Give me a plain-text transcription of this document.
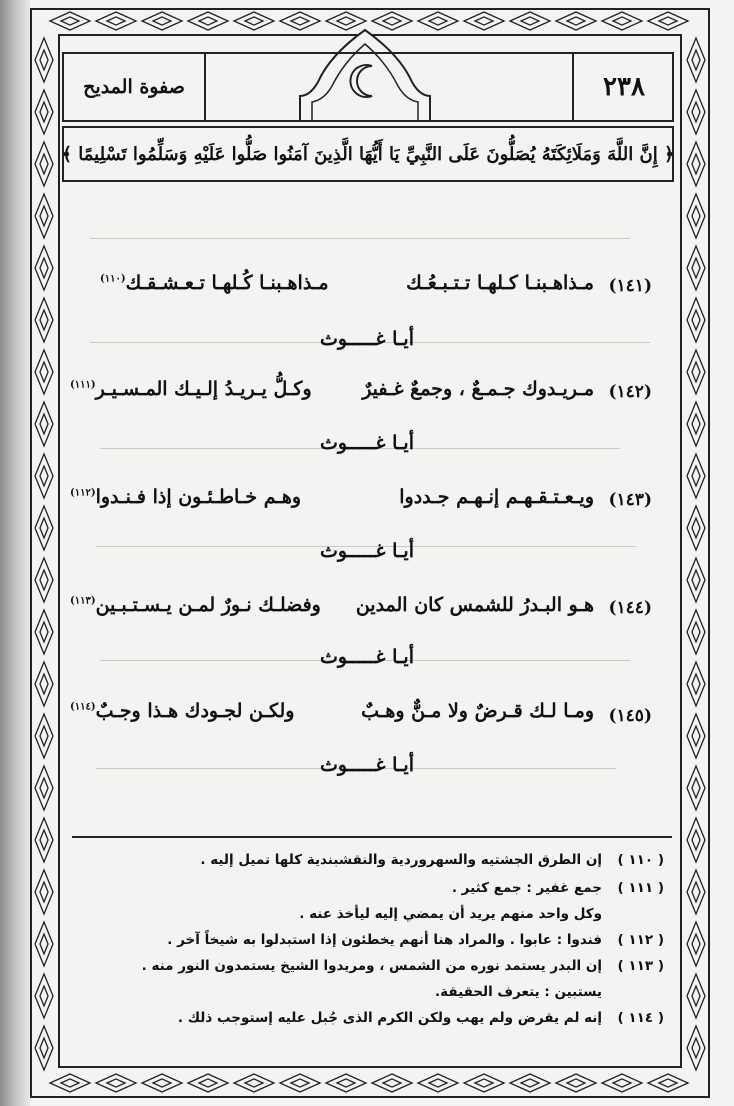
٢٣٨
صفوة المديح
﴿ إِنَّ اللَّهَ وَمَلَائِكَتَهُ يُصَلُّونَ عَلَى النَّبِيِّ يَا أَيُّهَا الَّذِينَ آمَنُوا صَلُّوا عَلَيْهِ وَسَلِّمُوا تَسْلِيمًا ﴾
(١٤١)
مـذاهـبنـا كـلهـا تـتـبـعُـك
مـذاهـبنـا كُـلهـا تـعـشـقـك$^{(١١٠)}$
أيـا غـــــوث
(١٤٢)
مـريـدوك جـمـعٌ ، وجمعٌ غـفيرٌ
وكـلُّ يـريـدُ إلـيـك المـسـيـر$^{(١١١)}$
أيـا غـــــوث
(١٤٣)
ويـعـتـقـهـم إنـهـم جـددوا
وهـم خـاطـئـون إذا فـنـدوا$^{(١١٢)}$
أيـا غـــــوث
(١٤٤)
هـو البـدرُ للشمس كان المدين
وفضلـك نـورٌ لمـن يـسـتـبـين$^{(١١٣)}$
أيـا غـــــوث
(١٤٥)
ومـا لـك قـرضٌ ولا مـنٌّ وهـبٌ
ولكـن لجـودك هـذا وجـبٌ$^{(١١٤)}$
أيـا غـــــوث
( ١١٠ )
إن الطرق الجشتيه والسهروردية والنقشبندية كلها تميل إليه .
( ١١١ )
جمع غفير : جمع كثير .
وكل واحد منهم يريد أن يمضي إليه ليأخذ عنه .
( ١١٢ )
فندوا : عابوا . والمراد هنا أنهم يخطئون إذا استبدلوا به شيخاً آخر .
( ١١٣ )
إن البدر يستمد نوره من الشمس ، ومريدوا الشيخ يستمدون النور منه .
يستبين : يتعرف الحقيقة.
( ١١٤ )
إنه لم يقرض ولم يهب ولكن الكرم الذى جُبل عليه إستوجب ذلك .
